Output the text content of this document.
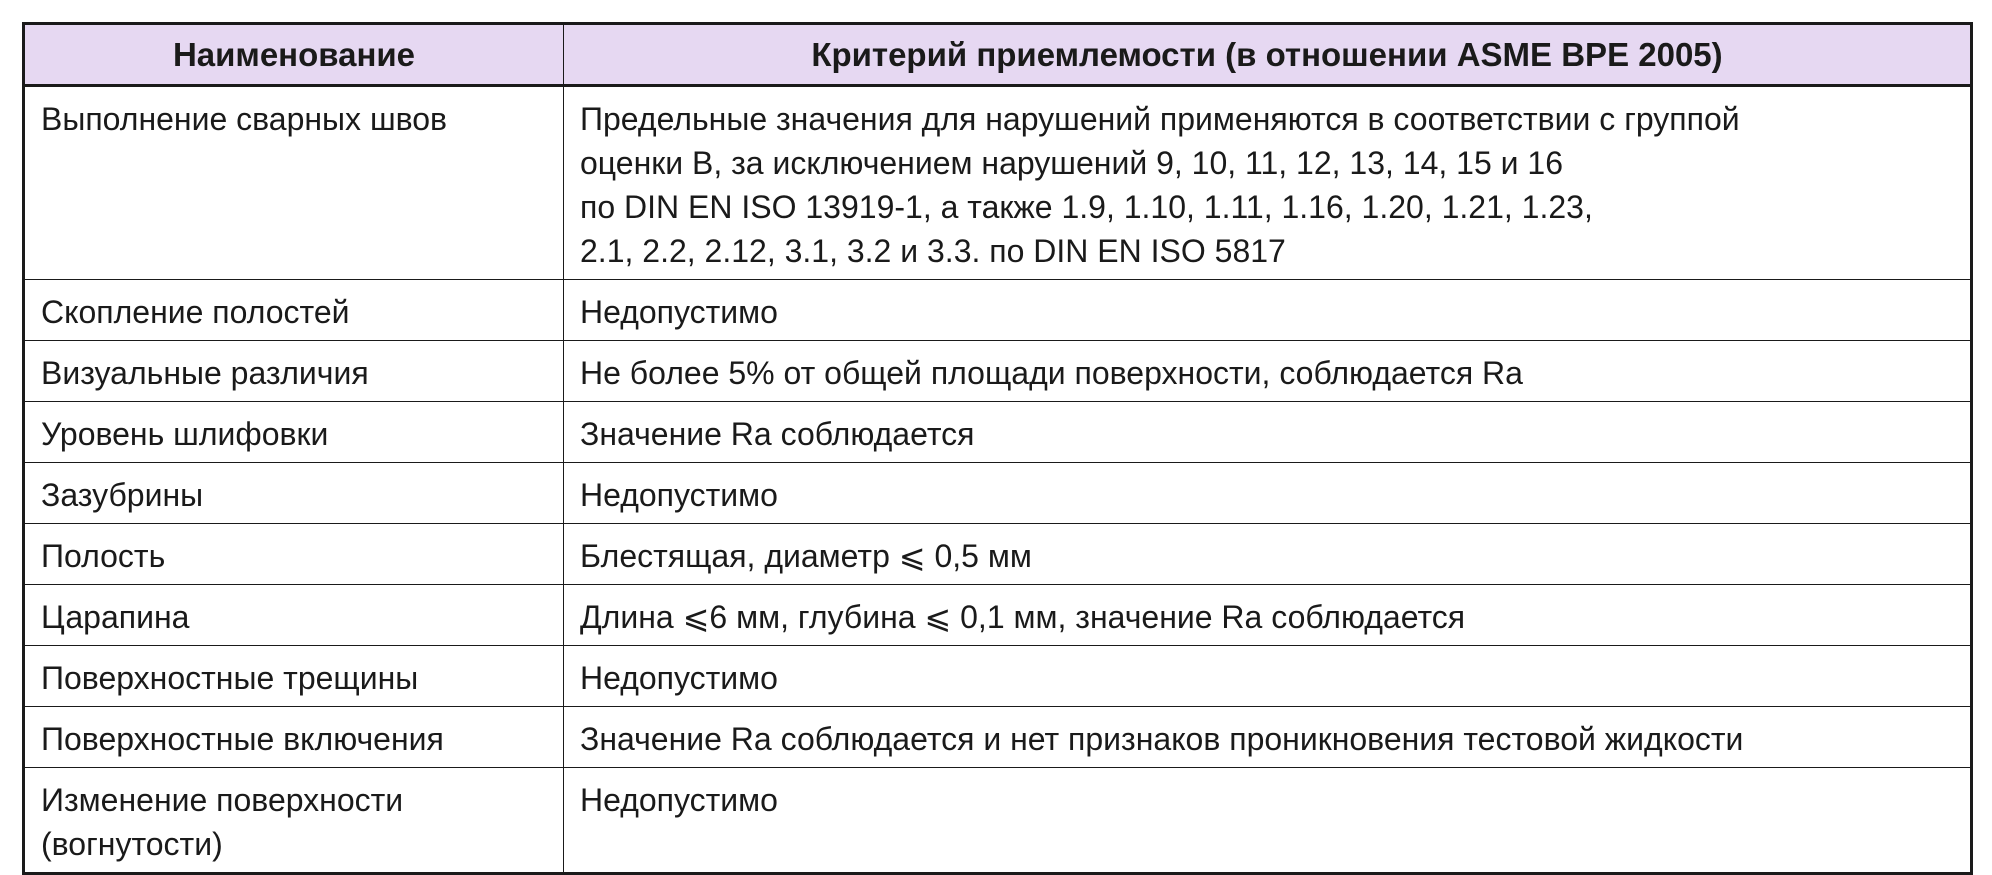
Наименование	Критерий приемлемости (в отношении ASME BPE 2005)
Выполнение сварных швов	Предельные значения для нарушений применяются в соответствии с группой
оценки В, за исключением нарушений 9, 10, 11, 12, 13, 14, 15 и 16
по DIN EN ISO 13919-1, а также 1.9, 1.10, 1.11, 1.16, 1.20, 1.21, 1.23,
2.1, 2.2, 2.12, 3.1, 3.2 и 3.3. по DIN EN ISO 5817

Скопление полостей	Недопустимо
Визуальные различия	Не более 5% от общей площади поверхности, соблюдается Ra
Уровень шлифовки	Значение Ra соблюдается
Зазубрины	Недопустимо
Полость	Блестящая, диаметр ⩽ 0,5 мм
Царапина	Длина ⩽6 мм, глубина ⩽ 0,1 мм, значение Ra соблюдается
Поверхностные трещины	Недопустимо
Поверхностные включения	Значение Ra соблюдается и нет признаков проникновения тестовой жидкости

Изменение поверхности
(вогнутости)	Недопустимо
